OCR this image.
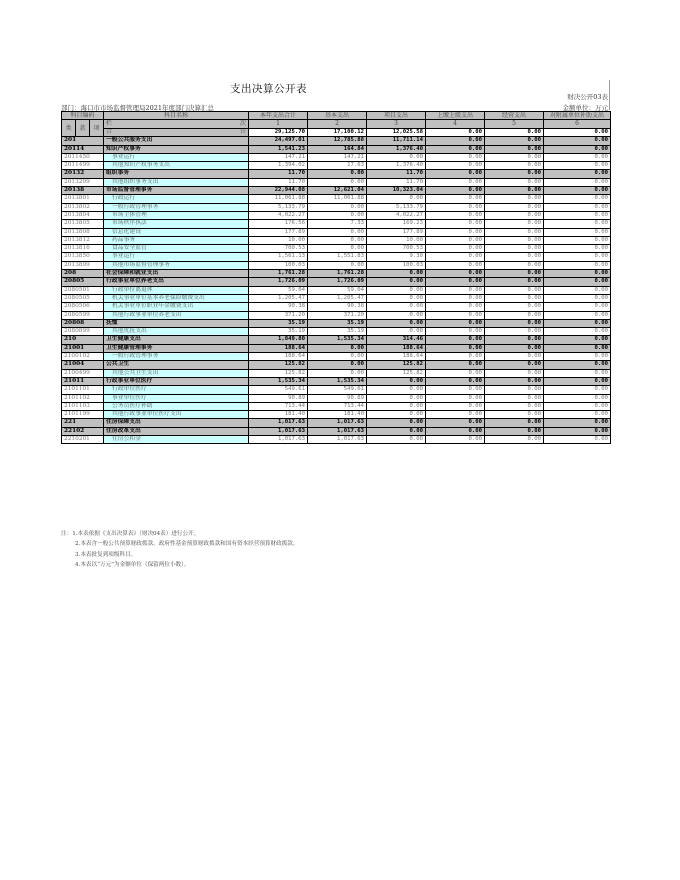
支出决算公开表
财决公开03表
部门：海口市市场监督管理局2021年度部门决算汇总	金额单位：万元
科目编码			科目名称	本年支出合计	基本支出	项目支出	上缴上级支出	经营支出	对附属单位补助支出
类	款	项	栏 次	1	2	3	4	5	6

			合 计	29,125.70	17,100.12	12,025.58	0.00	0.00	0.00
201			一般公共服务支出	24,497.01	12,785.88	11,711.14	0.00	0.00	0.00
20114			知识产权事务	1,541.23	164.84	1,376.40	0.00	0.00	0.00
2011450			事业运行	147.21	147.21	0.00	0.00	0.00	0.00
2011499			其他知识产权事务支出	1,394.02	17.63	1,376.40	0.00	0.00	0.00
20132			组织事务	11.70	0.00	11.70	0.00	0.00	0.00
2013299			其他组织事务支出	11.70	0.00	11.70	0.00	0.00	0.00
20138			市场监督管理事务	22,944.08	12,621.04	10,323.04	0.00	0.00	0.00
2013801			行政运行	11,061.88	11,061.88	0.00	0.00	0.00	0.00
2013802			一般行政管理事务	5,133.79	0.00	5,133.79	0.00	0.00	0.00
2013804			市场主体管理	4,022.27	0.00	4,022.27	0.00	0.00	0.00
2013805			市场秩序执法	176.56	7.33	169.23	0.00	0.00	0.00
2013808			信息化建设	177.89	0.00	177.89	0.00	0.00	0.00
2013812			药品事务	10.00	0.00	10.00	0.00	0.00	0.00
2013816			食品安全监管	700.53	0.00	700.53	0.00	0.00	0.00
2013850			事业运行	1,561.13	1,551.83	9.30	0.00	0.00	0.00
2013899			其他市场监督管理事务	100.03	0.00	100.03	0.00	0.00	0.00
208			社会保障和就业支出	1,761.28	1,761.28	0.00	0.00	0.00	0.00
20805			行政事业单位养老支出	1,726.09	1,726.09	0.00	0.00	0.00	0.00
2080501			行政单位离退休	59.04	59.04	0.00	0.00	0.00	0.00
2080505			机关事业单位基本养老保险缴费支出	1,205.47	1,205.47	0.00	0.00	0.00	0.00
2080506			机关事业单位职业年金缴费支出	90.38	90.38	0.00	0.00	0.00	0.00
2080599			其他行政事业单位养老支出	371.20	371.20	0.00	0.00	0.00	0.00
20808			抚恤	35.19	35.19	0.00	0.00	0.00	0.00
2080899			其他优抚支出	35.19	35.19	0.00	0.00	0.00	0.00
210			卫生健康支出	1,849.80	1,535.34	314.46	0.00	0.00	0.00
21001			卫生健康管理事务	188.64	0.00	188.64	0.00	0.00	0.00
2100102			一般行政管理事务	188.64	0.00	188.64	0.00	0.00	0.00
21004			公共卫生	125.82	0.00	125.82	0.00	0.00	0.00
2100499			其他公共卫生支出	125.82	0.00	125.82	0.00	0.00	0.00
21011			行政事业单位医疗	1,535.34	1,535.34	0.00	0.00	0.00	0.00
2101101			行政单位医疗	549.61	549.61	0.00	0.00	0.00	0.00
2101102			事业单位医疗	90.89	90.89	0.00	0.00	0.00	0.00
2101103			公务员医疗补助	713.44	713.44	0.00	0.00	0.00	0.00
2101199			其他行政事业单位医疗支出	181.40	181.40	0.00	0.00	0.00	0.00
221			住房保障支出	1,017.63	1,017.63	0.00	0.00	0.00	0.00
22102			住房改革支出	1,017.63	1,017.63	0.00	0.00	0.00	0.00
2210201			住房公积金	1,017.63	1,017.63	0.00	0.00	0.00	0.00
注：1.本表依据《支出决算表》（财决04表）进行公开。
2.本表含一般公共预算财政拨款、政府性基金预算财政拨款和国有资本经营预算财政拨款。
3.本表批复到项级科目。
4.本表以“万元”为金额单位（保留两位小数）。
